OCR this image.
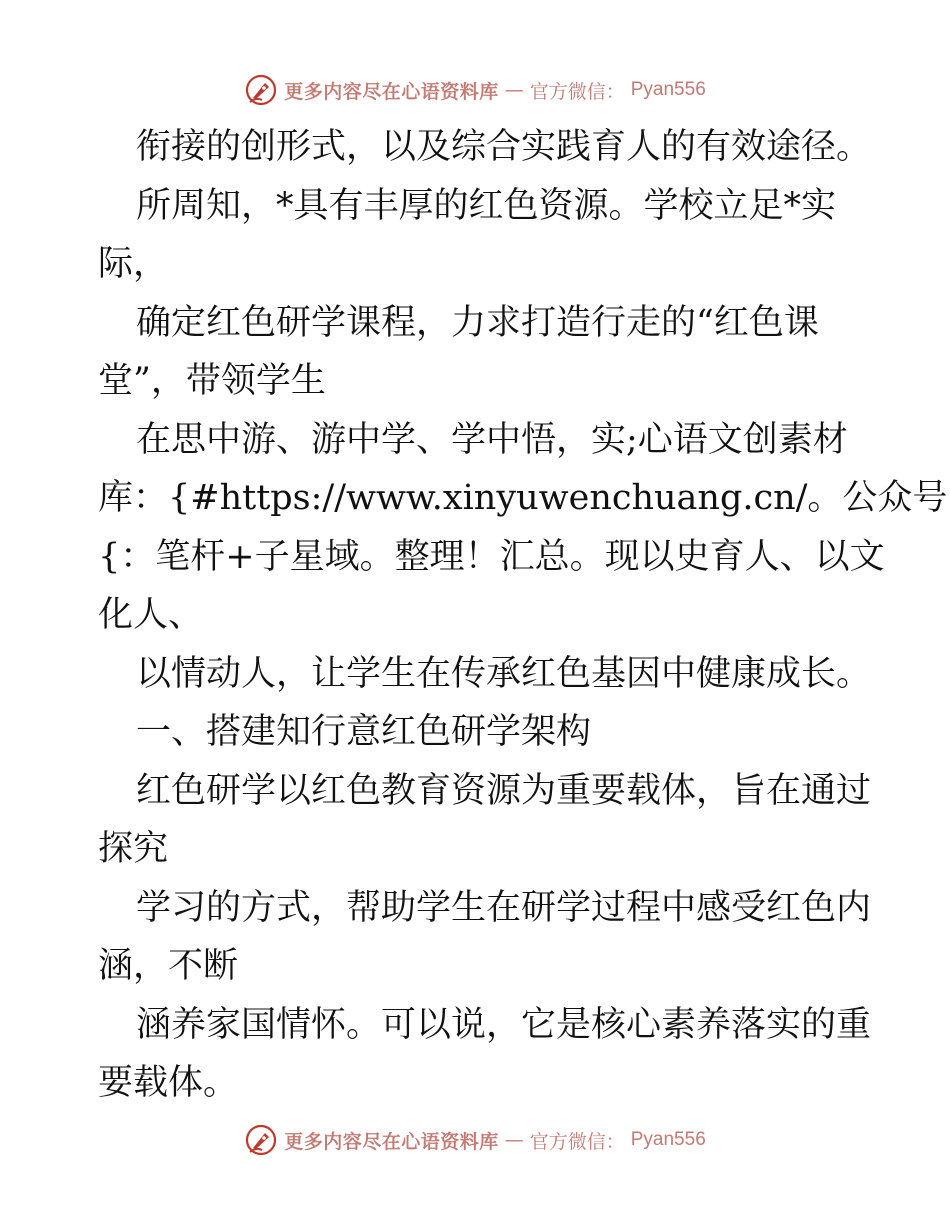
更多内容尽在心语资料库 — 官方微信： Pyan556
衔接的创形式，以及综合实践育人的有效途径。
所周知，*具有丰厚的红色资源。学校立足*实
际，
确定红色研学课程，力求打造行走的“红色课
堂”，带领学生
在思中游、游中学、学中悟，实;心语文创素材
库：{#https://www.xinyuwenchuang.cn/。公众号
{：笔杆+子星域。整理！汇总。现以史育人、以文
化人、
以情动人，让学生在传承红色基因中健康成长。
一、搭建知行意红色研学架构
红色研学以红色教育资源为重要载体，旨在通过
探究
学习的方式，帮助学生在研学过程中感受红色内
涵，不断
涵养家国情怀。可以说，它是核心素养落实的重
要载体。
更多内容尽在心语资料库 — 官方微信： Pyan556
